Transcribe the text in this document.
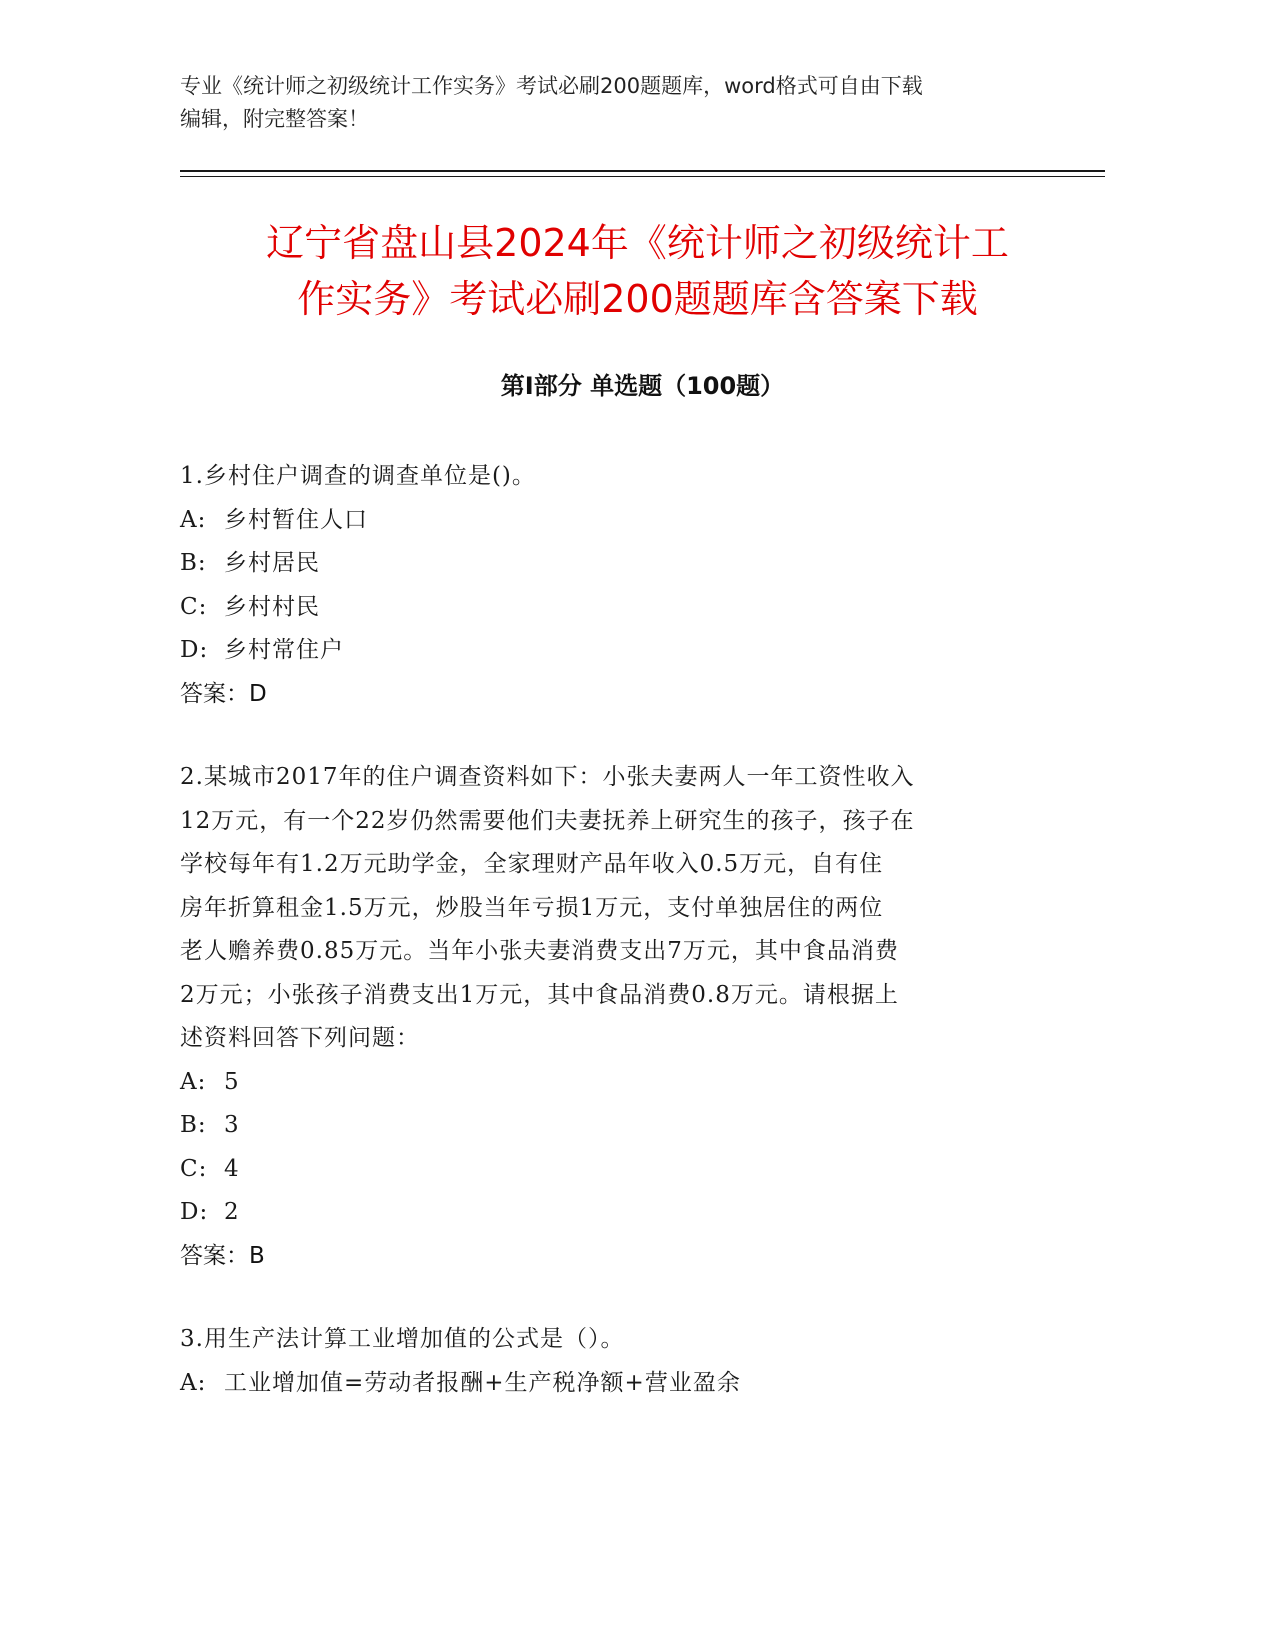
专业《统计师之初级统计工作实务》考试必刷200题题库，word格式可自由下载
编辑，附完整答案！
辽宁省盘山县2024年《统计师之初级统计工
作实务》考试必刷200题题库含答案下载
第Ⅰ部分 单选题（100题）

1.乡村住户调查的调查单位是()。

A: 乡村暂住人口

B: 乡村居民

C: 乡村村民

D: 乡村常住户

答案：D

2.某城市2017年的住户调查资料如下：小张夫妻两人一年工资性收入

12万元，有一个22岁仍然需要他们夫妻抚养上研究生的孩子，孩子在

学校每年有1.2万元助学金，全家理财产品年收入0.5万元，自有住

房年折算租金1.5万元，炒股当年亏损1万元，支付单独居住的两位

老人赡养费0.85万元。当年小张夫妻消费支出7万元，其中食品消费

2万元；小张孩子消费支出1万元，其中食品消费0.8万元。请根据上

述资料回答下列问题：

A: 5

B: 3

C: 4

D: 2

答案：B

3.用生产法计算工业增加值的公式是（）。

A: 工业增加值=劳动者报酬+生产税净额+营业盈余
